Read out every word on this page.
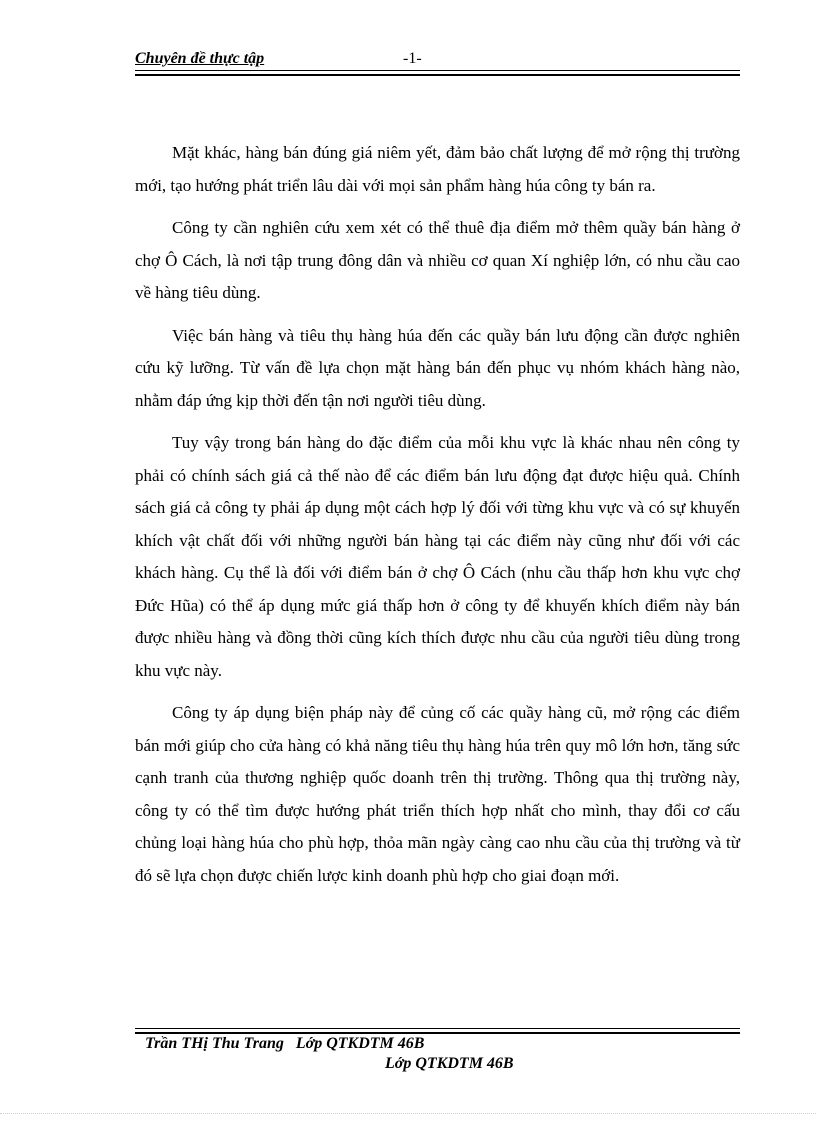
Chuyên đề thực tập	-1-

Mặt khác, hàng bán đúng giá niêm yết, đảm bảo chất lượng để mở rộng thị trường mới, tạo hướng phát triển lâu dài với mọi sản phẩm hàng húa công ty bán ra.

Công ty cần nghiên cứu xem xét có thể thuê địa điểm mở thêm quầy bán hàng ở chợ Ô Cách, là nơi tập trung đông dân và nhiều cơ quan Xí nghiệp lớn, có nhu cầu cao về hàng tiêu dùng.

Việc bán hàng và tiêu thụ hàng húa đến các quầy bán lưu động cần được nghiên cứu kỹ lưỡng. Từ vấn đề lựa chọn mặt hàng bán đến phục vụ nhóm khách hàng nào, nhằm đáp ứng kịp thời đến tận nơi người tiêu dùng.

Tuy vậy trong bán hàng do đặc điểm của mỗi khu vực là khác nhau nên công ty phải có chính sách giá cả thế nào để các điểm bán lưu động đạt được hiệu quả. Chính sách giá cả công ty phải áp dụng một cách hợp lý đối với từng khu vực và có sự khuyến khích vật chất đối với những người bán hàng tại các điểm này cũng như đối với các khách hàng. Cụ thể là đối với điểm bán ở chợ Ô Cách (nhu cầu thấp hơn khu vực chợ Đức Hũa) có thể áp dụng mức giá thấp hơn ở công ty để khuyến khích điểm này bán được nhiều hàng và đồng thời cũng kích thích được nhu cầu của người tiêu dùng trong khu vực này.

Công ty áp dụng biện pháp này để củng cố các quầy hàng cũ, mở rộng các điểm bán mới giúp cho cửa hàng có khả năng tiêu thụ hàng húa trên quy mô lớn hơn, tăng sức cạnh tranh của thương nghiệp quốc doanh trên thị trường. Thông qua thị trường này, công ty có thể tìm được hướng phát triển thích hợp nhất cho mình, thay đổi cơ cấu chủng loại hàng húa cho phù hợp, thỏa mãn ngày càng cao nhu cầu của thị trường và từ đó sẽ lựa chọn được chiến lược kinh doanh phù hợp cho giai đoạn mới.

Trần THị Thu Trang Lớp QTKDTM 46B
Lớp QTKDTM 46B
